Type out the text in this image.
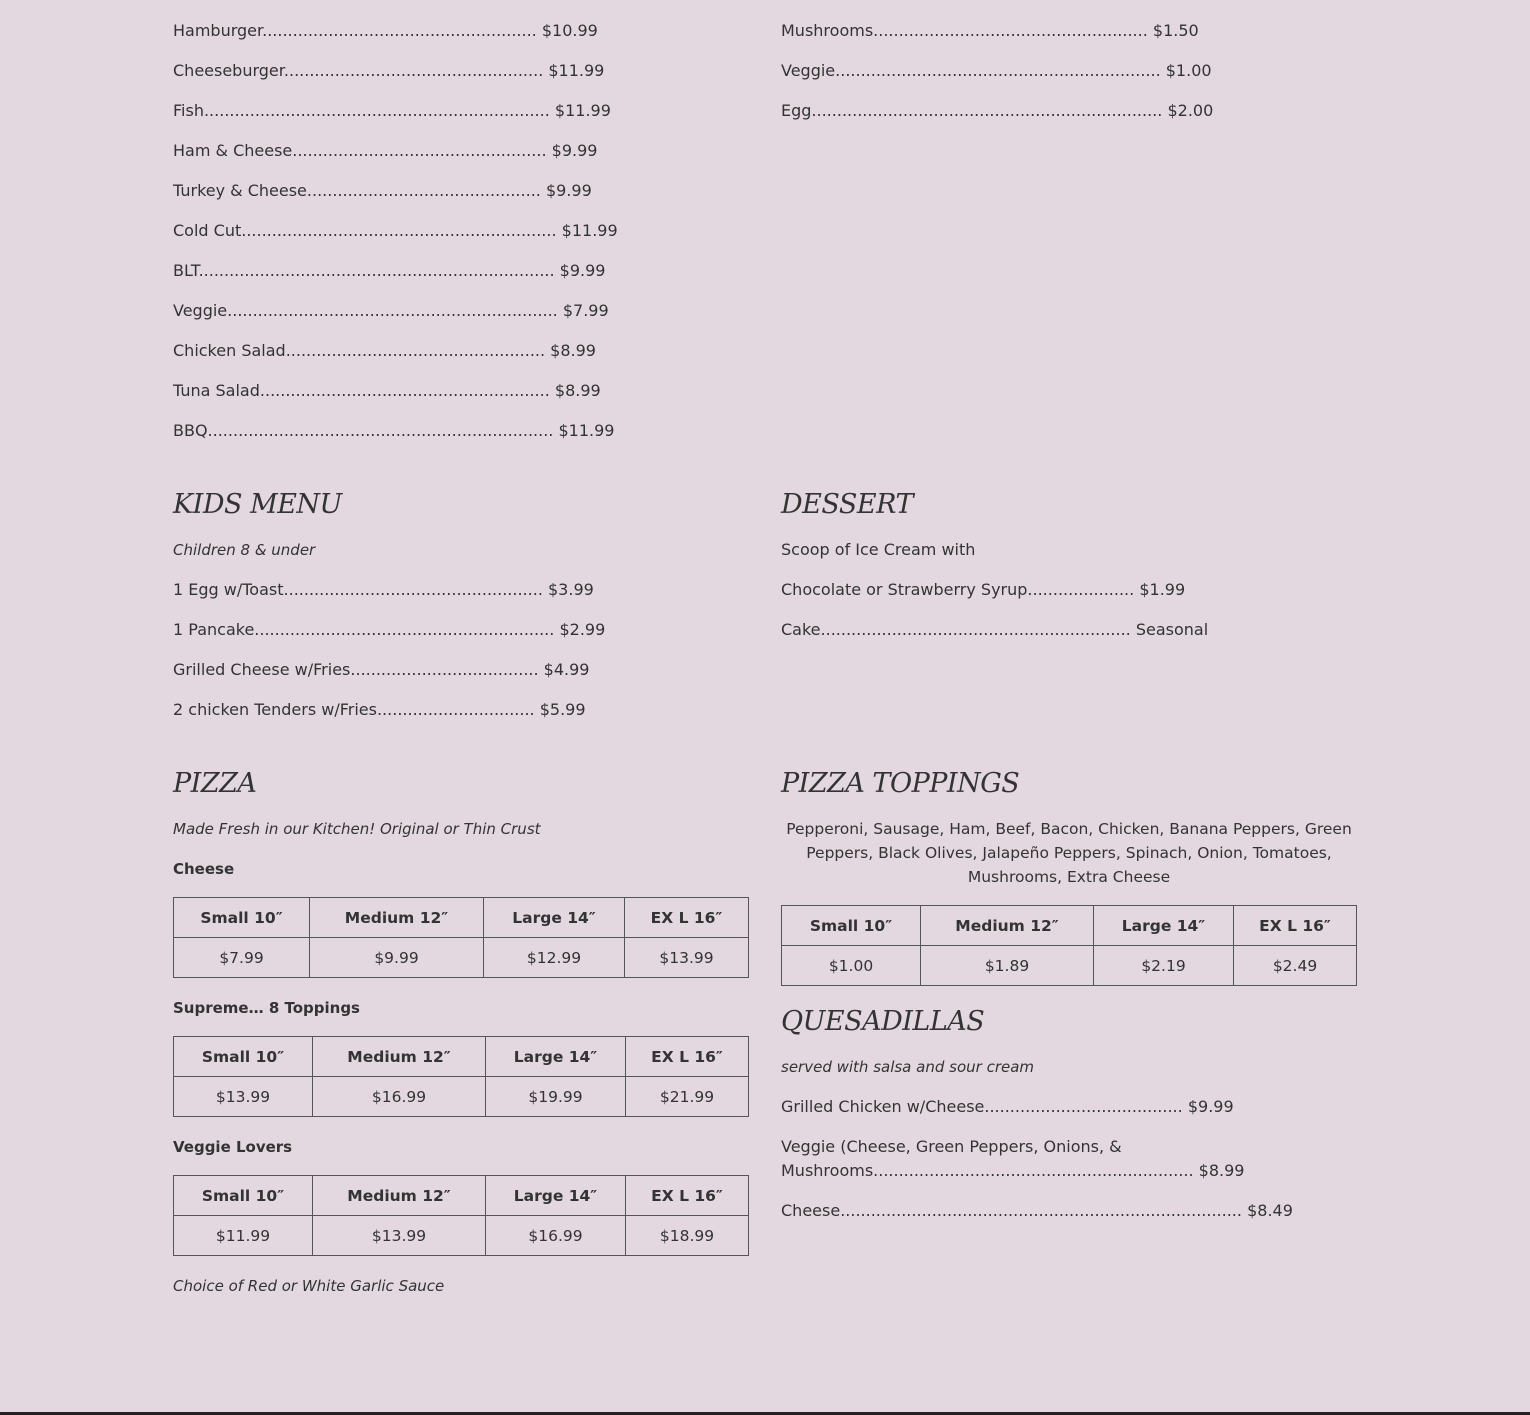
Hamburger...................................................... $10.99
Cheeseburger................................................... $11.99
Fish.................................................................... $11.99
Ham & Cheese.................................................. $9.99
Turkey & Cheese.............................................. $9.99
Cold Cut.............................................................. $11.99
BLT...................................................................... $9.99
Veggie................................................................. $7.99
Chicken Salad................................................... $8.99
Tuna Salad......................................................... $8.99
BBQ.................................................................... $11.99
Mushrooms...................................................... $1.50
Veggie................................................................ $1.00
Egg..................................................................... $2.00
KIDS MENU
Children 8 & under
1 Egg w/Toast................................................... $3.99
1 Pancake........................................................... $2.99
Grilled Cheese w/Fries..................................... $4.99
2 chicken Tenders w/Fries............................... $5.99
DESSERT
Scoop of Ice Cream with
Chocolate or Strawberry Syrup..................... $1.99
Cake............................................................. Seasonal
PIZZA
Made Fresh in our Kitchen! Original or Thin Crust
Cheese
Small 10″	Medium 12″	Large 14″	EX L 16″
$7.99	$9.99	$12.99	$13.99
Supreme… 8 Toppings
Small 10″	Medium 12″	Large 14″	EX L 16″
$13.99	$16.99	$19.99	$21.99
Veggie Lovers
Small 10″	Medium 12″	Large 14″	EX L 16″
$11.99	$13.99	$16.99	$18.99
Choice of Red or White Garlic Sauce
PIZZA TOPPINGS
Pepperoni, Sausage, Ham, Beef, Bacon, Chicken, Banana Peppers, Green Peppers, Black Olives, Jalapeño Peppers, Spinach, Onion, Tomatoes, Mushrooms, Extra Cheese
Small 10″	Medium 12″	Large 14″	EX L 16″
$1.00	$1.89	$2.19	$2.49
QUESADILLAS
served with salsa and sour cream
Grilled Chicken w/Cheese....................................... $9.99
Veggie (Cheese, Green Peppers, Onions, &
Mushrooms............................................................... $8.99
Cheese............................................................................... $8.49
